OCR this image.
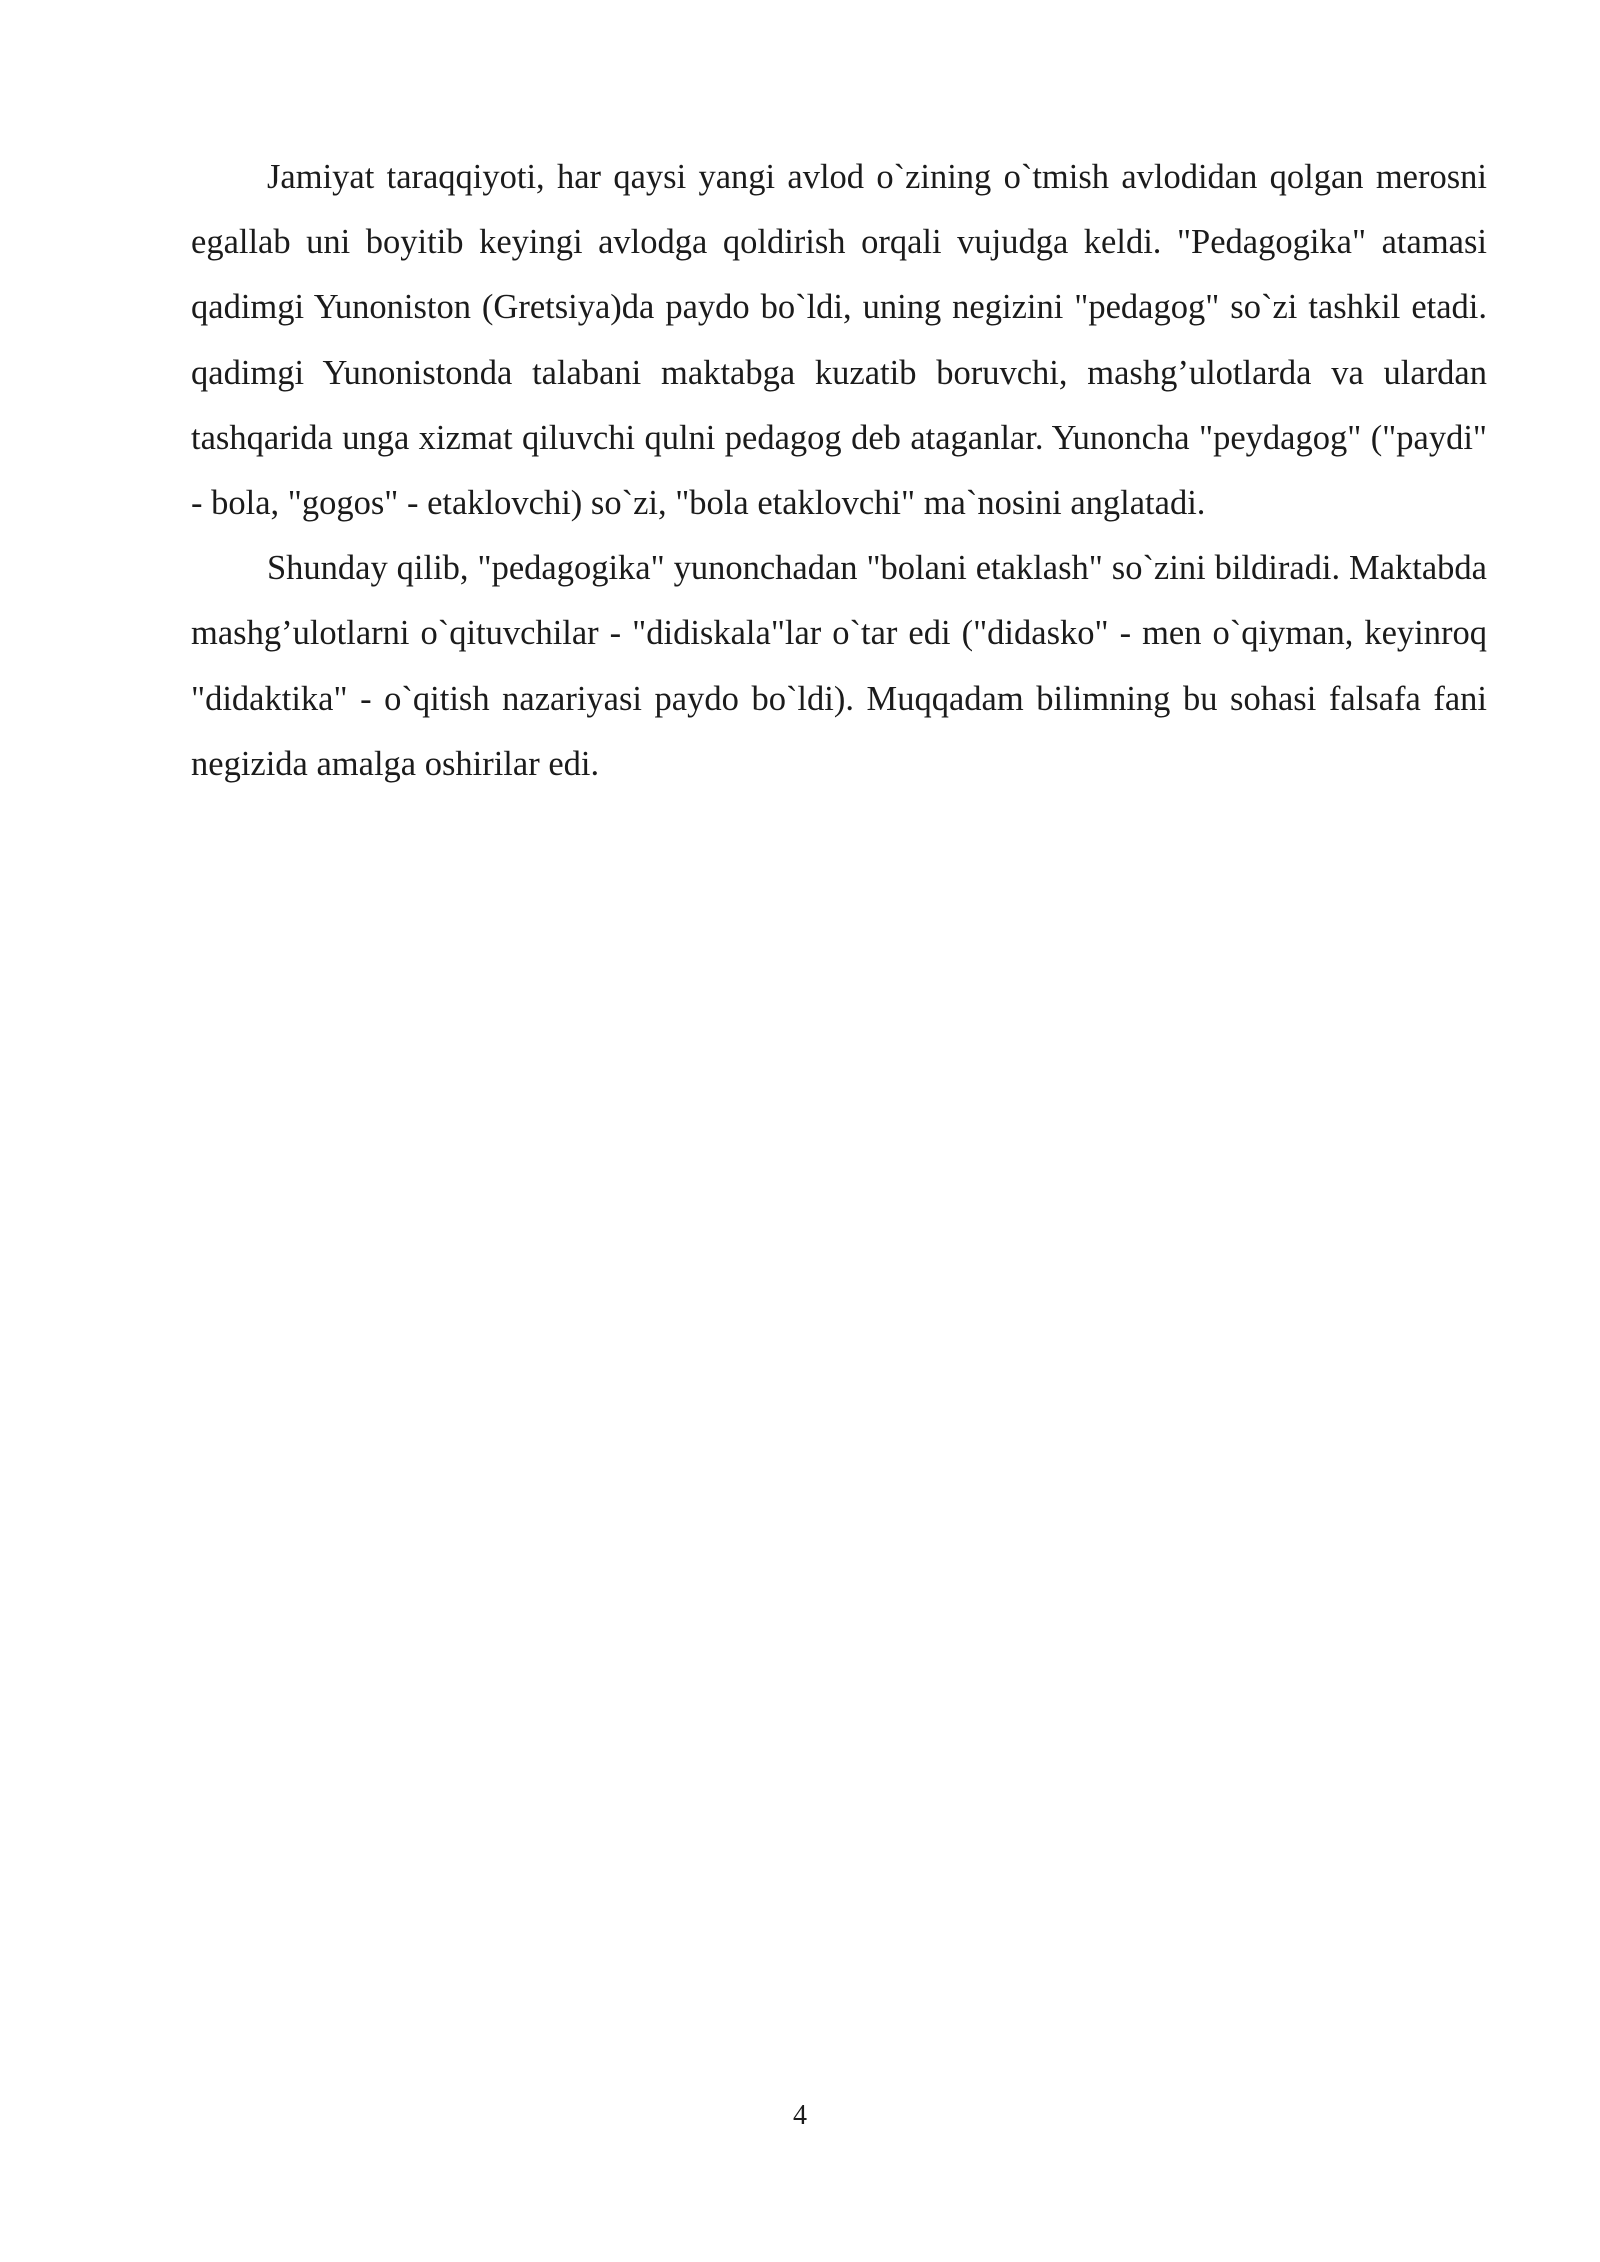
Jamiyat taraqqiyoti, har qaysi yangi avlod o`zining o`tmish avlodidan qolgan merosni egallab uni boyitib keyingi avlodga qoldirish orqali vujudga keldi. "Pedagogika" atamasi qadimgi Yunoniston (Gretsiya)da paydo bo`ldi, uning negizini "pedagog" so`zi tashkil etadi. qadimgi Yunonistonda talabani maktabga kuzatib boruvchi, mashg’ulotlarda va ulardan tashqarida unga xizmat qiluvchi qulni pedagog deb ataganlar. Yunoncha "peydagog" ("paydi" - bola, "gogos" - etaklovchi) so`zi, "bola etaklovchi" ma`nosini anglatadi.

Shunday qilib, "pedagogika" yunonchadan "bolani etaklash" so`zini bildiradi. Maktabda mashg’ulotlarni o`qituvchilar - "didiskala"lar o`tar edi ("didasko" - men o`qiyman, keyinroq "didaktika" - o`qitish nazariyasi paydo bo`ldi). Muqqadam bilimning bu sohasi falsafa fani negizida amalga oshirilar edi.

4
